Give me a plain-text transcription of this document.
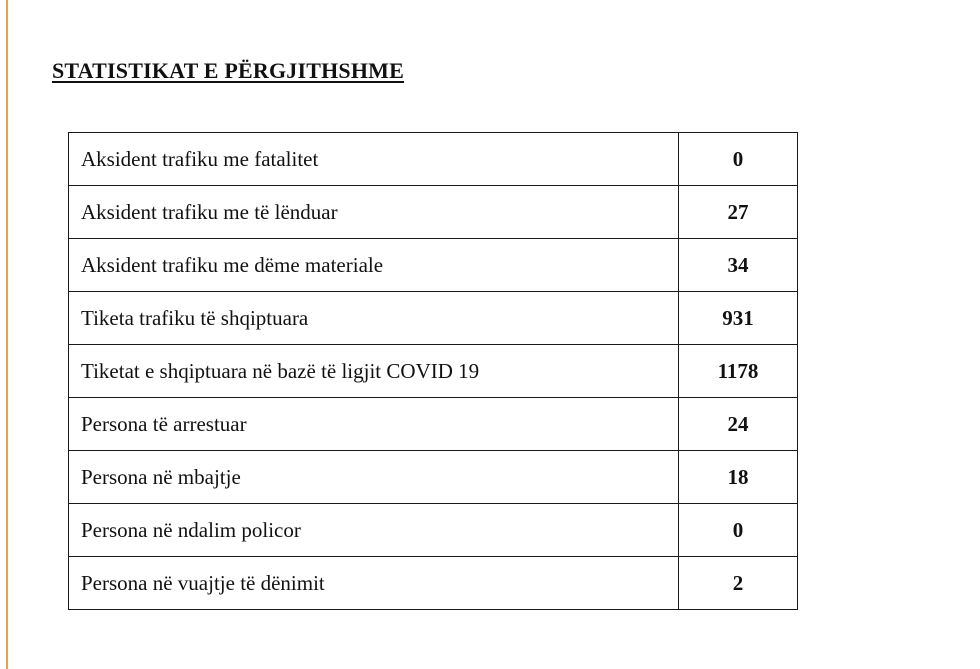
STATISTIKAT E PËRGJITHSHME
Aksident trafiku me fatalitet	0
Aksident trafiku me të lënduar	27
Aksident trafiku me dëme materiale	34
Tiketa trafiku të shqiptuara	931
Tiketat e shqiptuara në bazë të ligjit COVID 19	1178
Persona të arrestuar	24
Persona në mbajtje	18
Persona në ndalim policor	0
Persona në vuajtje të dënimit	2
